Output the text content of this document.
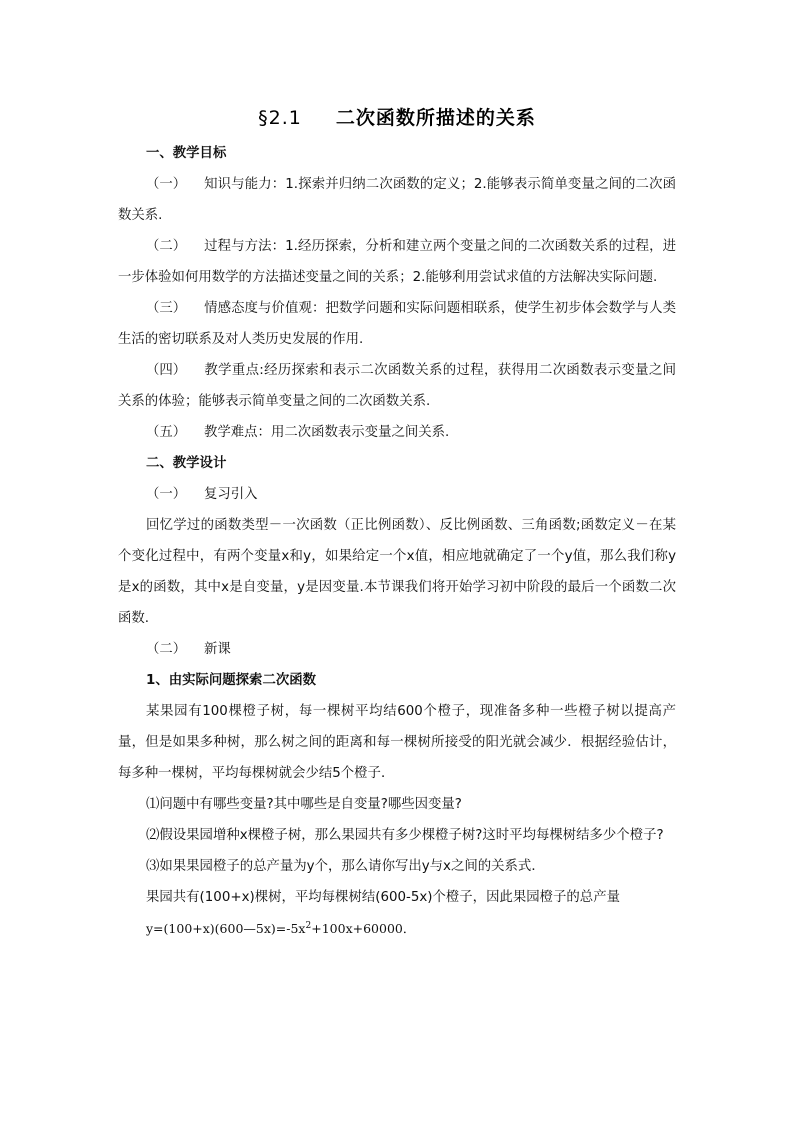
§2.1 二次函数所描述的关系

一、教学目标

（一） 知识与能力：1.探索并归纳二次函数的定义；2.能够表示简单变量之间的二次函数关系.

（二） 过程与方法：1.经历探索，分析和建立两个变量之间的二次函数关系的过程，进一步体验如何用数学的方法描述变量之间的关系；2.能够利用尝试求值的方法解决实际问题.

（三） 情感态度与价值观：把数学问题和实际问题相联系，使学生初步体会数学与人类生活的密切联系及对人类历史发展的作用.

（四） 教学重点:经历探索和表示二次函数关系的过程，获得用二次函数表示变量之间关系的体验；能够表示简单变量之间的二次函数关系.

（五） 教学难点：用二次函数表示变量之间关系.

二、教学设计

（一） 复习引入

回忆学过的函数类型－一次函数（正比例函数）、反比例函数、三角函数;函数定义－在某个变化过程中，有两个变量x和y，如果给定一个x值，相应地就确定了一个y值，那么我们称y是x的函数，其中x是自变量，y是因变量.本节课我们将开始学习初中阶段的最后一个函数二次函数.

（二） 新课

1、由实际问题探索二次函数

某果园有100棵橙子树，每一棵树平均结600个橙子，现准备多种一些橙子树以提高产量，但是如果多种树，那么树之间的距离和每一棵树所接受的阳光就会减少．根据经验估计，每多种一棵树，平均每棵树就会少结5个橙子．

⑴问题中有哪些变量?其中哪些是自变量?哪些因变量?

⑵假设果园增种x棵橙子树，那么果园共有多少棵橙子树?这时平均每棵树结多少个橙子?

⑶如果果园橙子的总产量为y个，那么请你写出y与x之间的关系式．

果园共有(100+x)棵树，平均每棵树结(600-5x)个橙子，因此果园橙子的总产量

$y=(100+x)(600—5x)=-5x^2+100x+60000$．
